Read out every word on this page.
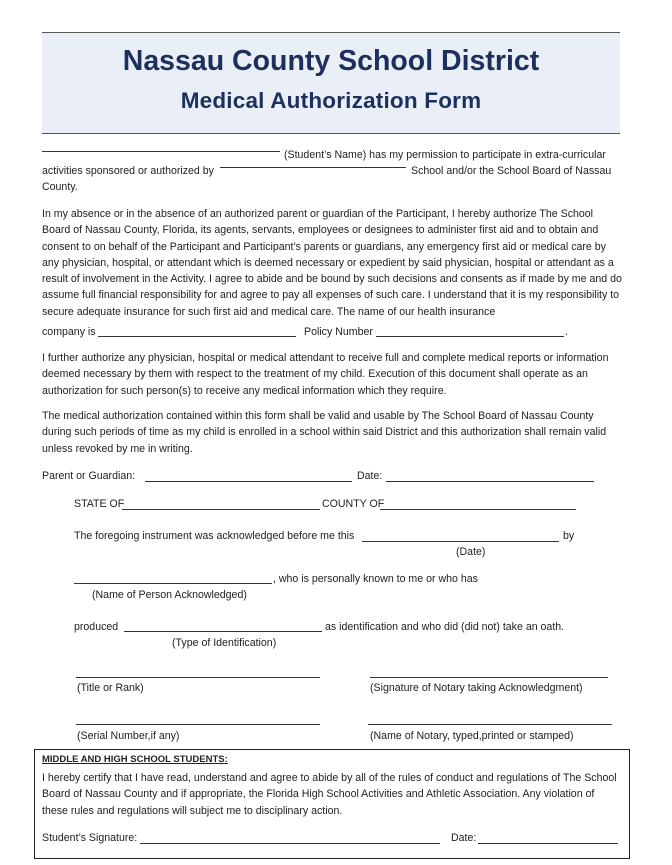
Nassau County School District
Medical Authorization Form
(Student’s Name) has my permission to participate in extra-curricular
activities sponsored or authorized by	School and/or the School Board of Nassau
County.

In my absence or in the absence of an authorized parent or guardian of the Participant, I hereby authorize The School Board of Nassau County, Florida, its agents, servants, employees or designees to administer first aid and to obtain and consent to on behalf of the Participant and Participant’s parents or guardians, any emergency first aid or medical care by any physician, hospital, or attendant which is deemed necessary or expedient by said physician, hospital or attendant as a result of involvement in the Activity. I agree to abide and be bound by such decisions and consents as if made by me and do assume full financial responsibility for and agree to pay all expenses of such care. I understand that it is my responsibility to secure adequate insurance for such first aid and medical care. The name of our health insurance

company is	Policy Number	.

I further authorize any physician, hospital or medical attendant to receive full and complete medical reports or information deemed necessary by them with respect to the treatment of my child. Execution of this document shall operate as an authorization for such person(s) to receive any medical information which they require.

The medical authorization contained within this form shall be valid and usable by The School Board of Nassau County during such periods of time as my child is enrolled in a school within said District and this authorization shall remain valid unless revoked by me in writing.

Parent or Guardian:	Date:
STATE OF	COUNTY OF
The foregoing instrument was acknowledged before me this	by
(Date)
, who is personally known to me or who has
(Name of Person Acknowledged)
produced	as identification and who did (did not) take an oath.
(Type of Identification)
(Title or Rank)	(Signature of Notary taking Acknowledgment)
(Serial Number,if any)	(Name of Notary, typed,printed or stamped)
MIDDLE AND HIGH SCHOOL STUDENTS:

I hereby certify that I have read, understand and agree to abide by all of the rules of conduct and regulations of The School Board of Nassau County and if appropriate, the Florida High School Activities and Athletic Association. Any violation of these rules and regulations will subject me to disciplinary action.

Student’s Signature:	Date:
